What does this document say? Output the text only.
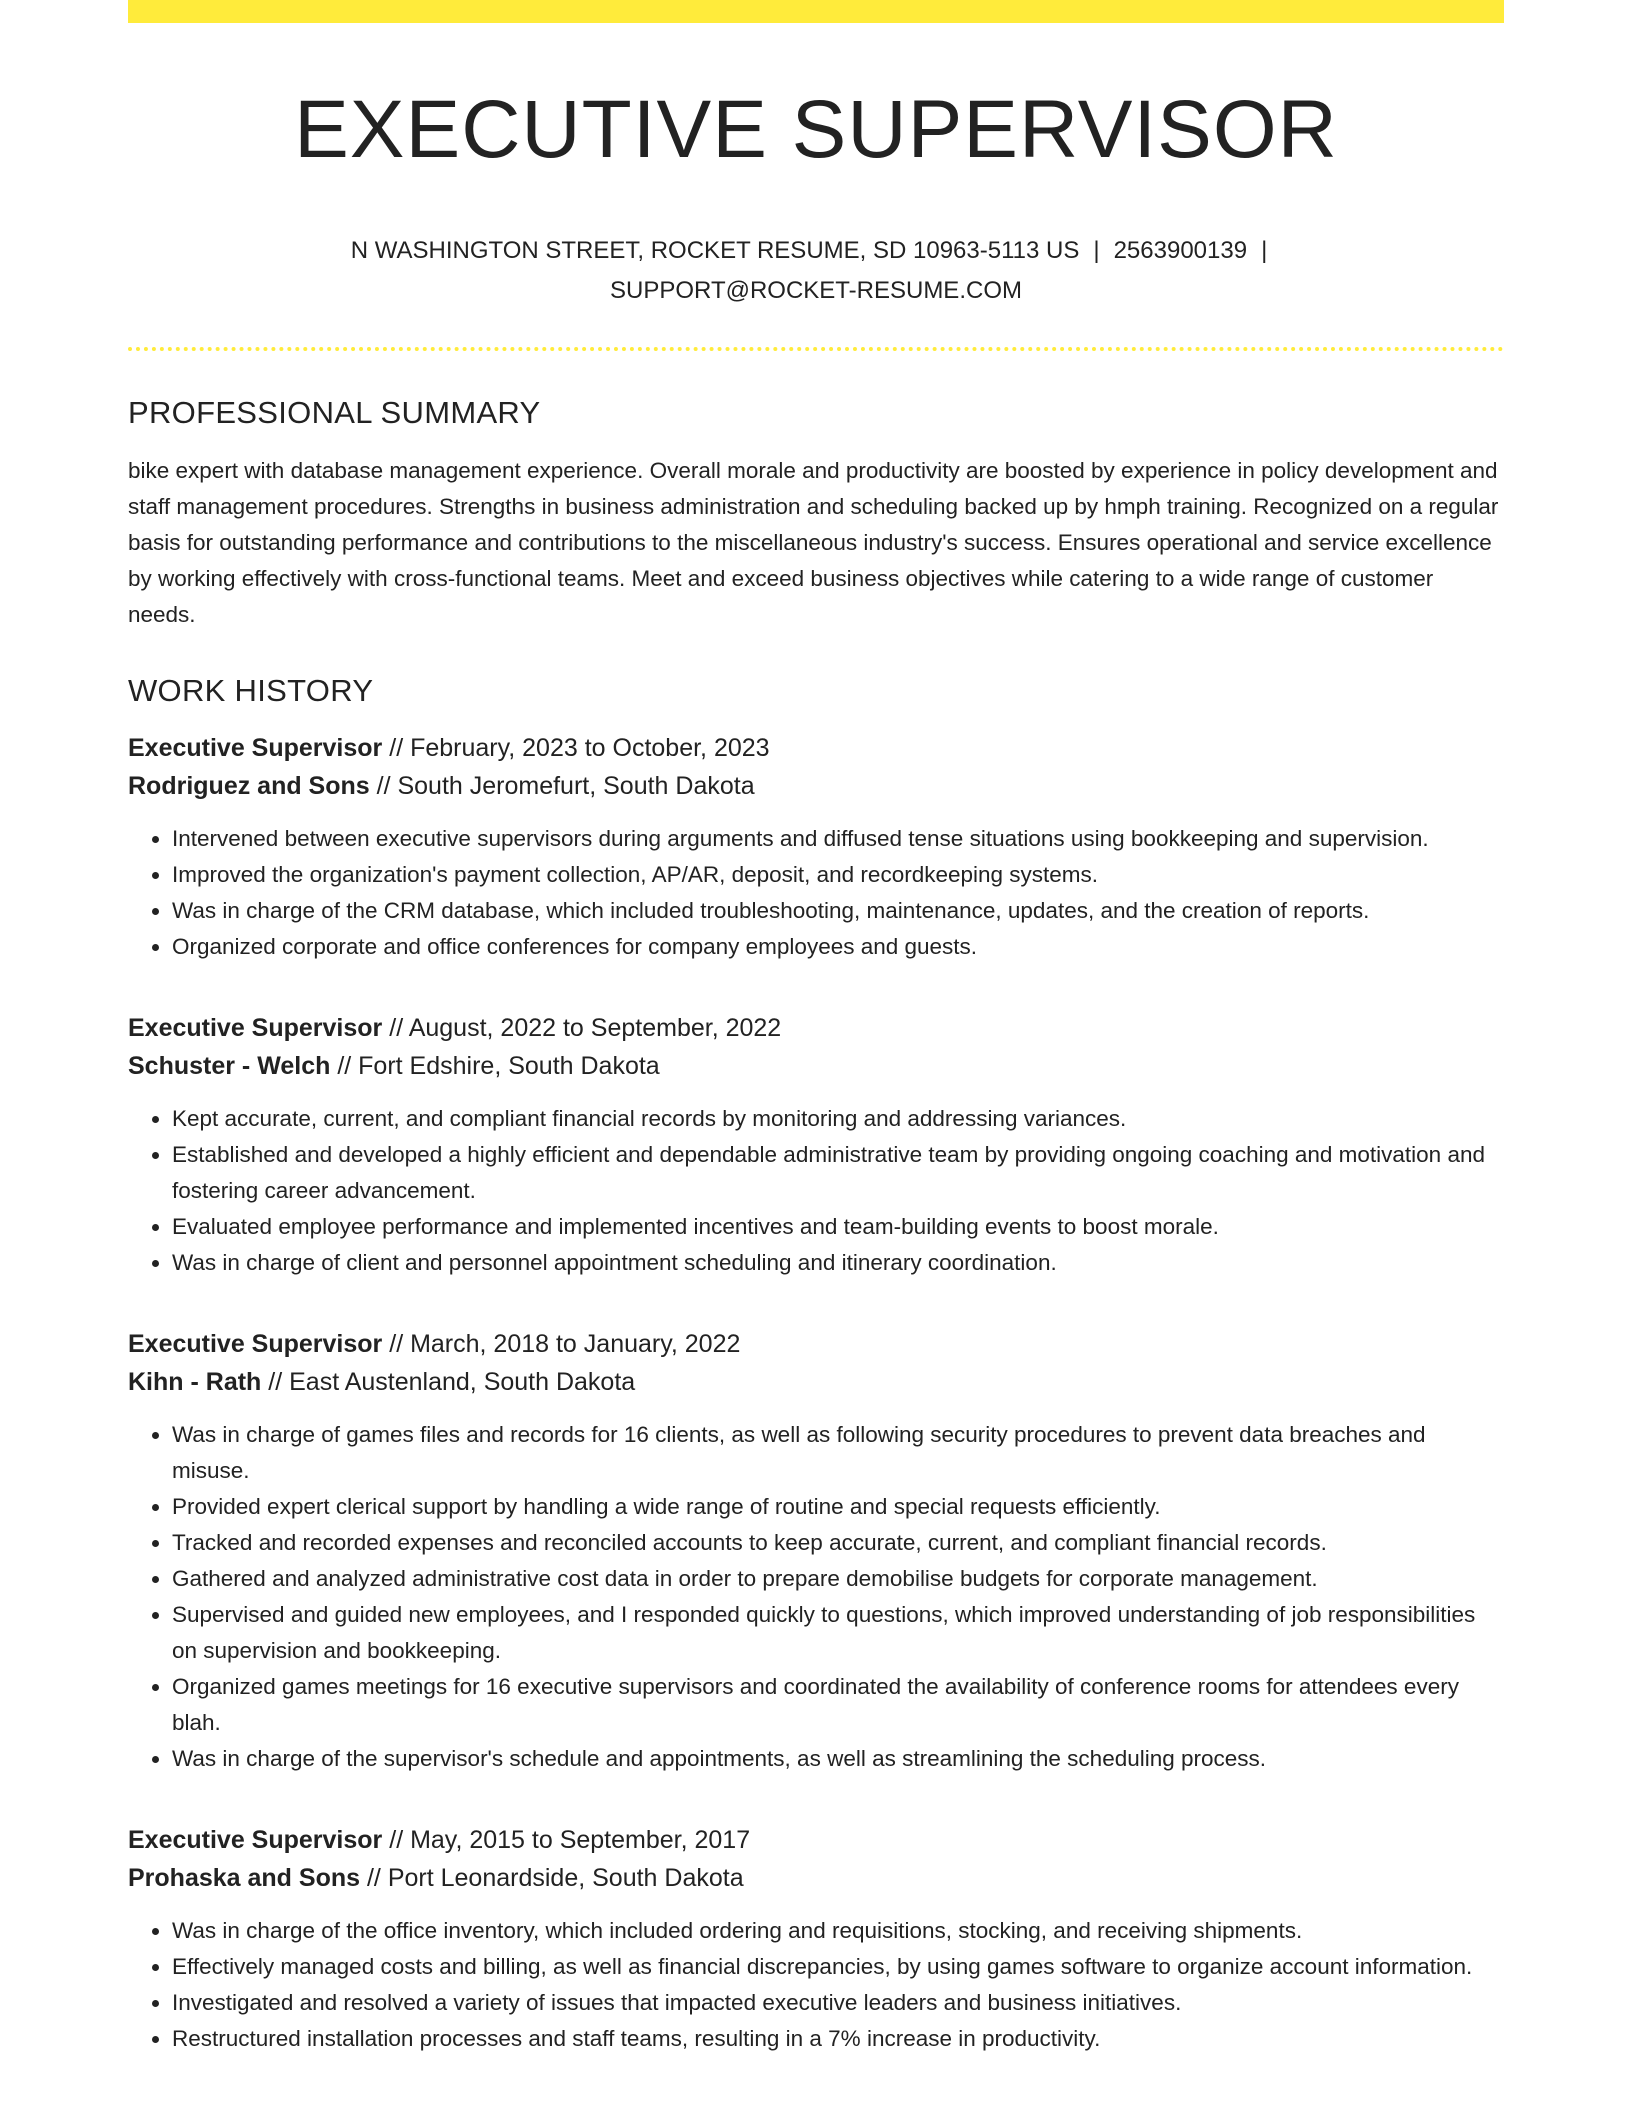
EXECUTIVE SUPERVISOR
N WASHINGTON STREET, ROCKET RESUME, SD 10963-5113 US | 2563900139 |
SUPPORT@ROCKET-RESUME.COM
PROFESSIONAL SUMMARY

bike expert with database management experience. Overall morale and productivity are boosted by experience in policy development and staff management procedures. Strengths in business administration and scheduling backed up by hmph training. Recognized on a regular basis for outstanding performance and contributions to the miscellaneous industry's success. Ensures operational and service excellence by working effectively with cross-functional teams. Meet and exceed business objectives while catering to a wide range of customer needs.

WORK HISTORY
Executive Supervisor // February, 2023 to October, 2023
Rodriguez and Sons // South Jeromefurt, South Dakota
• Intervened between executive supervisors during arguments and diffused tense situations using bookkeeping and supervision.
• Improved the organization's payment collection, AP/AR, deposit, and recordkeeping systems.
• Was in charge of the CRM database, which included troubleshooting, maintenance, updates, and the creation of reports.
• Organized corporate and office conferences for company employees and guests.
Executive Supervisor // August, 2022 to September, 2022
Schuster - Welch // Fort Edshire, South Dakota
• Kept accurate, current, and compliant financial records by monitoring and addressing variances.
• Established and developed a highly efficient and dependable administrative team by providing ongoing coaching and motivation and fostering career advancement.
• Evaluated employee performance and implemented incentives and team-building events to boost morale.
• Was in charge of client and personnel appointment scheduling and itinerary coordination.
Executive Supervisor // March, 2018 to January, 2022
Kihn - Rath // East Austenland, South Dakota
• Was in charge of games files and records for 16 clients, as well as following security procedures to prevent data breaches and misuse.
• Provided expert clerical support by handling a wide range of routine and special requests efficiently.
• Tracked and recorded expenses and reconciled accounts to keep accurate, current, and compliant financial records.
• Gathered and analyzed administrative cost data in order to prepare demobilise budgets for corporate management.
• Supervised and guided new employees, and I responded quickly to questions, which improved understanding of job responsibilities on supervision and bookkeeping.
• Organized games meetings for 16 executive supervisors and coordinated the availability of conference rooms for attendees every blah.
• Was in charge of the supervisor's schedule and appointments, as well as streamlining the scheduling process.
Executive Supervisor // May, 2015 to September, 2017
Prohaska and Sons // Port Leonardside, South Dakota
• Was in charge of the office inventory, which included ordering and requisitions, stocking, and receiving shipments.
• Effectively managed costs and billing, as well as financial discrepancies, by using games software to organize account information.
• Investigated and resolved a variety of issues that impacted executive leaders and business initiatives.
• Restructured installation processes and staff teams, resulting in a 7% increase in productivity.
